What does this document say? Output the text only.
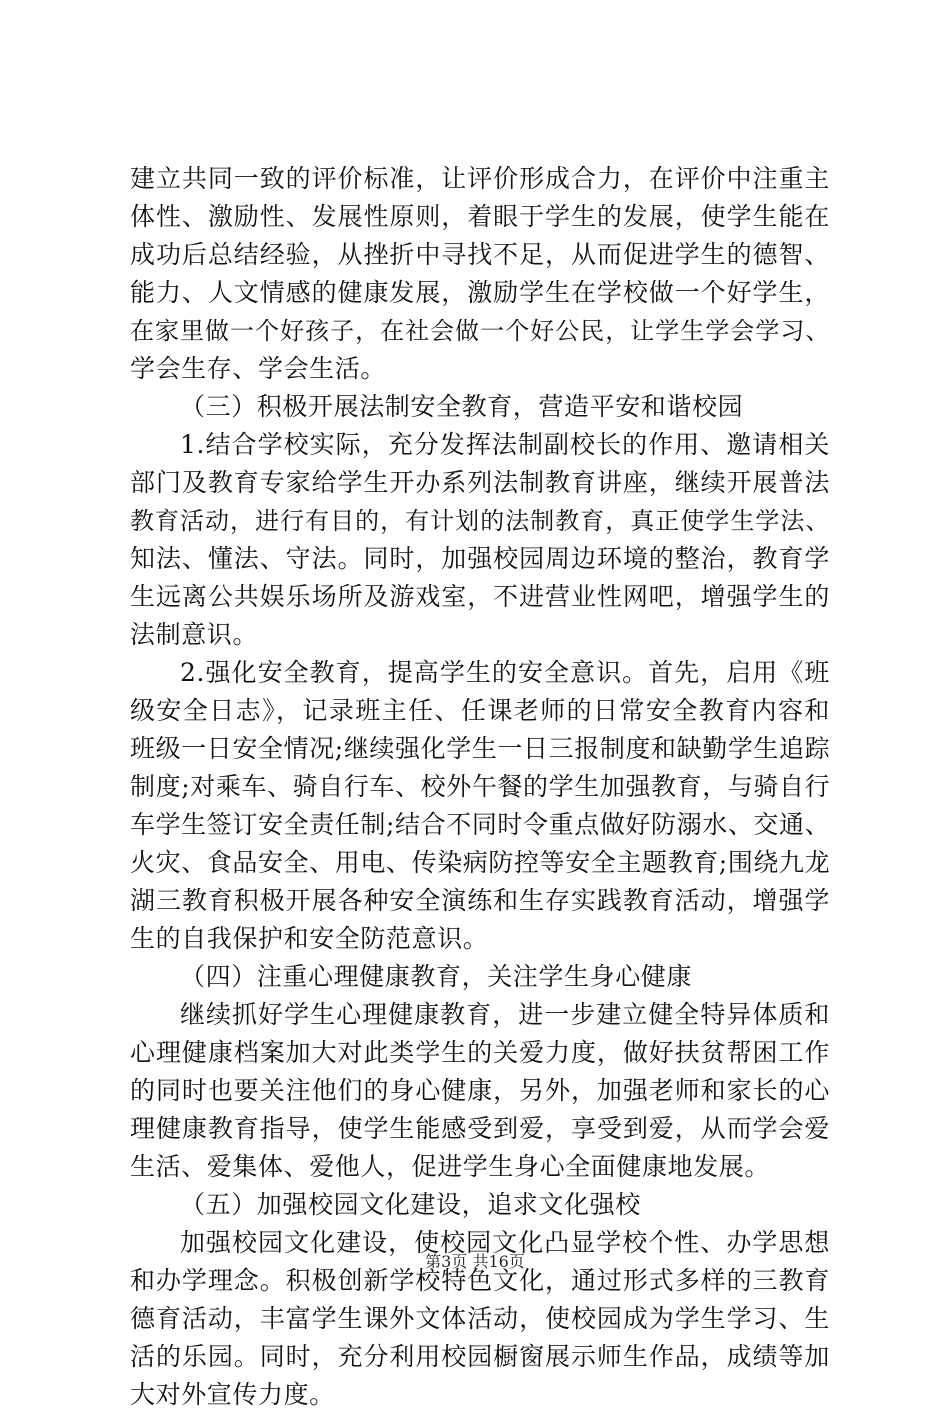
建立共同一致的评价标准，让评价形成合力，在评价中注重主
体性、激励性、发展性原则，着眼于学生的发展，使学生能在
成功后总结经验，从挫折中寻找不足，从而促进学生的德智、
能力、人文情感的健康发展，激励学生在学校做一个好学生，
在家里做一个好孩子，在社会做一个好公民，让学生学会学习、
学会生存、学会生活。
（三）积极开展法制安全教育，营造平安和谐校园
1.结合学校实际，充分发挥法制副校长的作用、邀请相关
部门及教育专家给学生开办系列法制教育讲座，继续开展普法
教育活动，进行有目的，有计划的法制教育，真正使学生学法、
知法、懂法、守法。同时，加强校园周边环境的整治，教育学
生远离公共娱乐场所及游戏室，不进营业性网吧，增强学生的
法制意识。
2.强化安全教育，提高学生的安全意识。首先，启用《班
级安全日志》，记录班主任、任课老师的日常安全教育内容和
班级一日安全情况;继续强化学生一日三报制度和缺勤学生追踪
制度;对乘车、骑自行车、校外午餐的学生加强教育，与骑自行
车学生签订安全责任制;结合不同时令重点做好防溺水、交通、
火灾、食品安全、用电、传染病防控等安全主题教育;围绕九龙
湖三教育积极开展各种安全演练和生存实践教育活动，增强学
生的自我保护和安全防范意识。
（四）注重心理健康教育，关注学生身心健康
继续抓好学生心理健康教育，进一步建立健全特异体质和
心理健康档案加大对此类学生的关爱力度，做好扶贫帮困工作
的同时也要关注他们的身心健康，另外，加强老师和家长的心
理健康教育指导，使学生能感受到爱，享受到爱，从而学会爱
生活、爱集体、爱他人，促进学生身心全面健康地发展。
（五）加强校园文化建设，追求文化强校
加强校园文化建设，使校园文化凸显学校个性、办学思想
和办学理念。积极创新学校特色文化，通过形式多样的三教育
德育活动，丰富学生课外文体活动，使校园成为学生学习、生
活的乐园。同时，充分利用校园橱窗展示师生作品，成绩等加
大对外宣传力度。
第3页 共16页
